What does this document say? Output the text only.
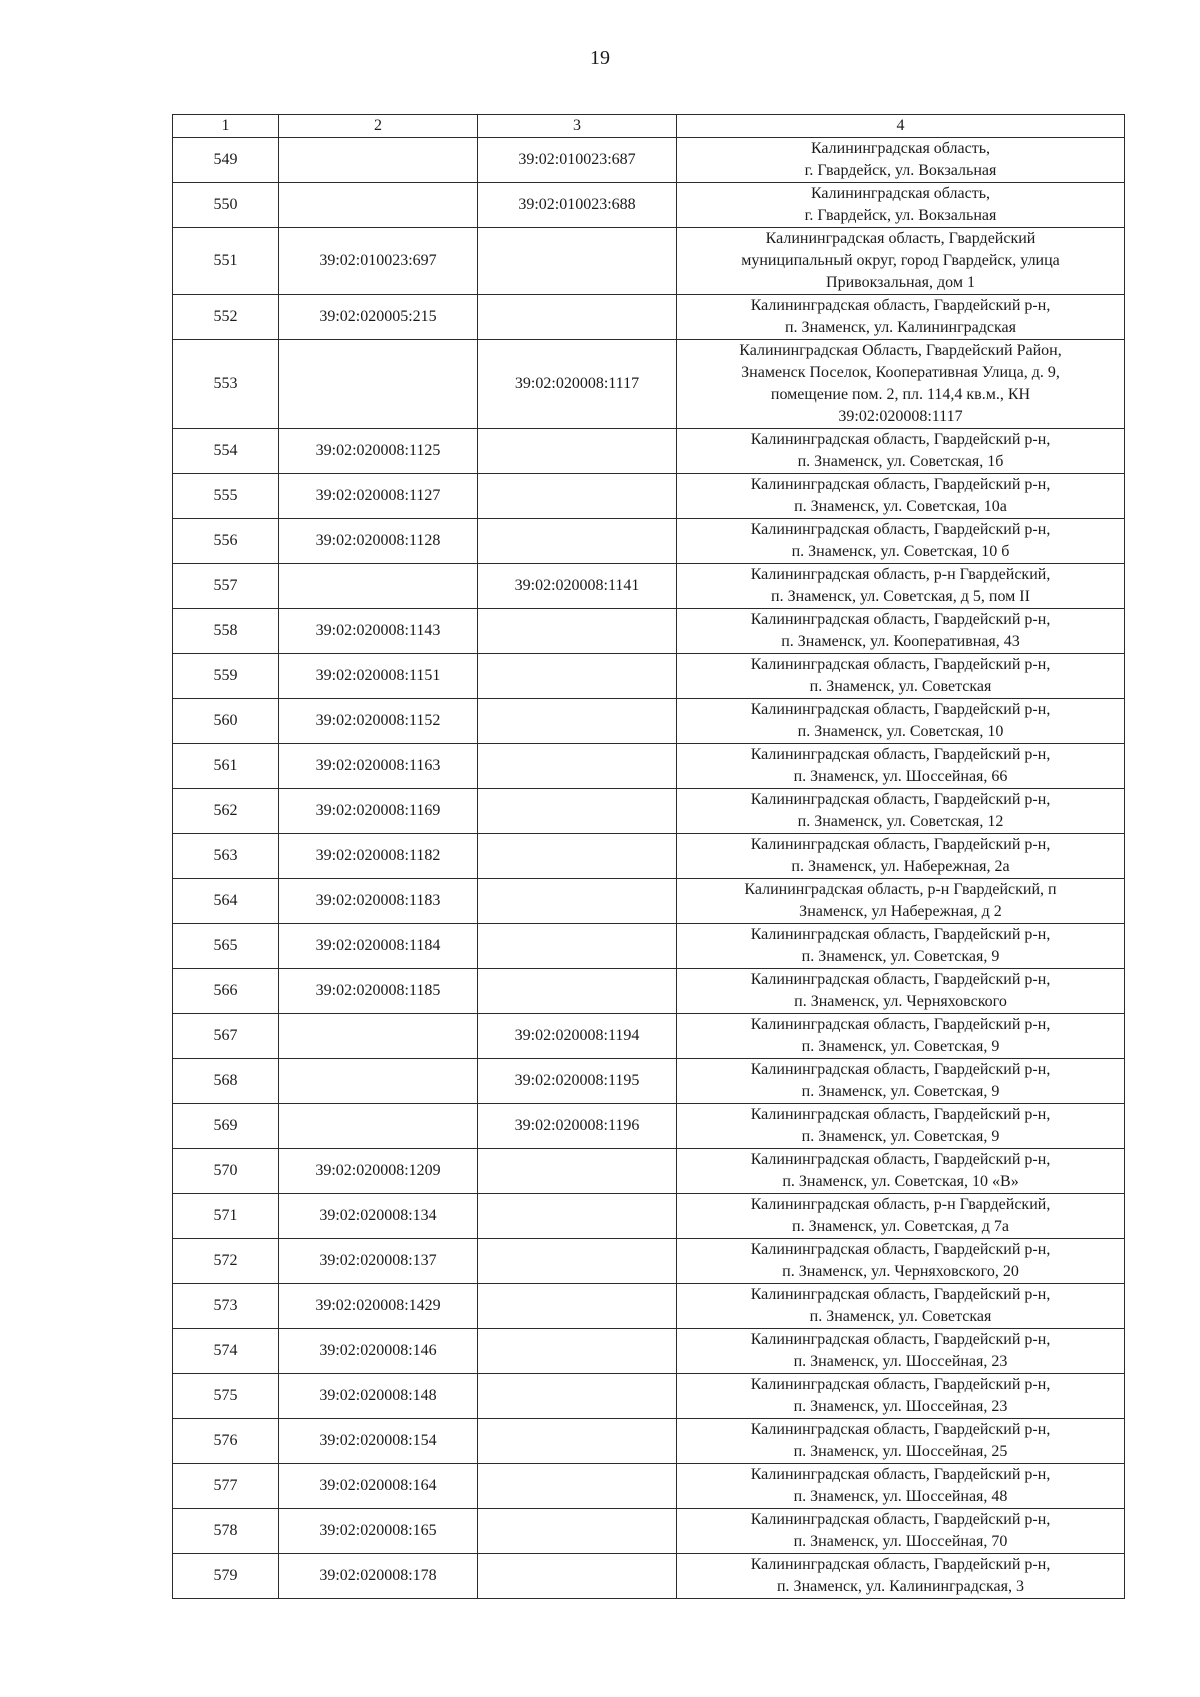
19
1	2	3	4
549		39:02:010023:687	Калининградская область,
г. Гвардейск, ул. Вокзальная

550		39:02:010023:688	Калининградская область,
г. Гвардейск, ул. Вокзальная

551	39:02:010023:697		Калининградская область, Гвардейский
муниципальный округ, город Гвардейск, улица
Привокзальная, дом 1

552	39:02:020005:215		Калининградская область, Гвардейский р-н,
п. Знаменск, ул. Калининградская

553		39:02:020008:1117	Калининградская Область, Гвардейский Район,
Знаменск Поселок, Кооперативная Улица, д. 9,
помещение пом. 2, пл. 114,4 кв.м., КН
39:02:020008:1117

554	39:02:020008:1125		Калининградская область, Гвардейский р-н,
п. Знаменск, ул. Советская, 1б

555	39:02:020008:1127		Калининградская область, Гвардейский р-н,
п. Знаменск, ул. Советская, 10а

556	39:02:020008:1128		Калининградская область, Гвардейский р-н,
п. Знаменск, ул. Советская, 10 б

557		39:02:020008:1141	Калининградская область, р-н Гвардейский,
п. Знаменск, ул. Советская, д 5, пом II

558	39:02:020008:1143		Калининградская область, Гвардейский р-н,
п. Знаменск, ул. Кооперативная, 43

559	39:02:020008:1151		Калининградская область, Гвардейский р-н,
п. Знаменск, ул. Советская

560	39:02:020008:1152		Калининградская область, Гвардейский р-н,
п. Знаменск, ул. Советская, 10

561	39:02:020008:1163		Калининградская область, Гвардейский р-н,
п. Знаменск, ул. Шоссейная, 66

562	39:02:020008:1169		Калининградская область, Гвардейский р-н,
п. Знаменск, ул. Советская, 12

563	39:02:020008:1182		Калининградская область, Гвардейский р-н,
п. Знаменск, ул. Набережная, 2а

564	39:02:020008:1183		Калининградская область, р-н Гвардейский, п
Знаменск, ул Набережная, д 2

565	39:02:020008:1184		Калининградская область, Гвардейский р-н,
п. Знаменск, ул. Советская, 9

566	39:02:020008:1185		Калининградская область, Гвардейский р-н,
п. Знаменск, ул. Черняховского

567		39:02:020008:1194	Калининградская область, Гвардейский р-н,
п. Знаменск, ул. Советская, 9

568		39:02:020008:1195	Калининградская область, Гвардейский р-н,
п. Знаменск, ул. Советская, 9

569		39:02:020008:1196	Калининградская область, Гвардейский р-н,
п. Знаменск, ул. Советская, 9

570	39:02:020008:1209		Калининградская область, Гвардейский р-н,
п. Знаменск, ул. Советская, 10 «В»

571	39:02:020008:134		Калининградская область, р-н Гвардейский,
п. Знаменск, ул. Советская, д 7а

572	39:02:020008:137		Калининградская область, Гвардейский р-н,
п. Знаменск, ул. Черняховского, 20

573	39:02:020008:1429		Калининградская область, Гвардейский р-н,
п. Знаменск, ул. Советская

574	39:02:020008:146		Калининградская область, Гвардейский р-н,
п. Знаменск, ул. Шоссейная, 23

575	39:02:020008:148		Калининградская область, Гвардейский р-н,
п. Знаменск, ул. Шоссейная, 23

576	39:02:020008:154		Калининградская область, Гвардейский р-н,
п. Знаменск, ул. Шоссейная, 25

577	39:02:020008:164		Калининградская область, Гвардейский р-н,
п. Знаменск, ул. Шоссейная, 48

578	39:02:020008:165		Калининградская область, Гвардейский р-н,
п. Знаменск, ул. Шоссейная, 70

579	39:02:020008:178		Калининградская область, Гвардейский р-н,
п. Знаменск, ул. Калининградская, 3
